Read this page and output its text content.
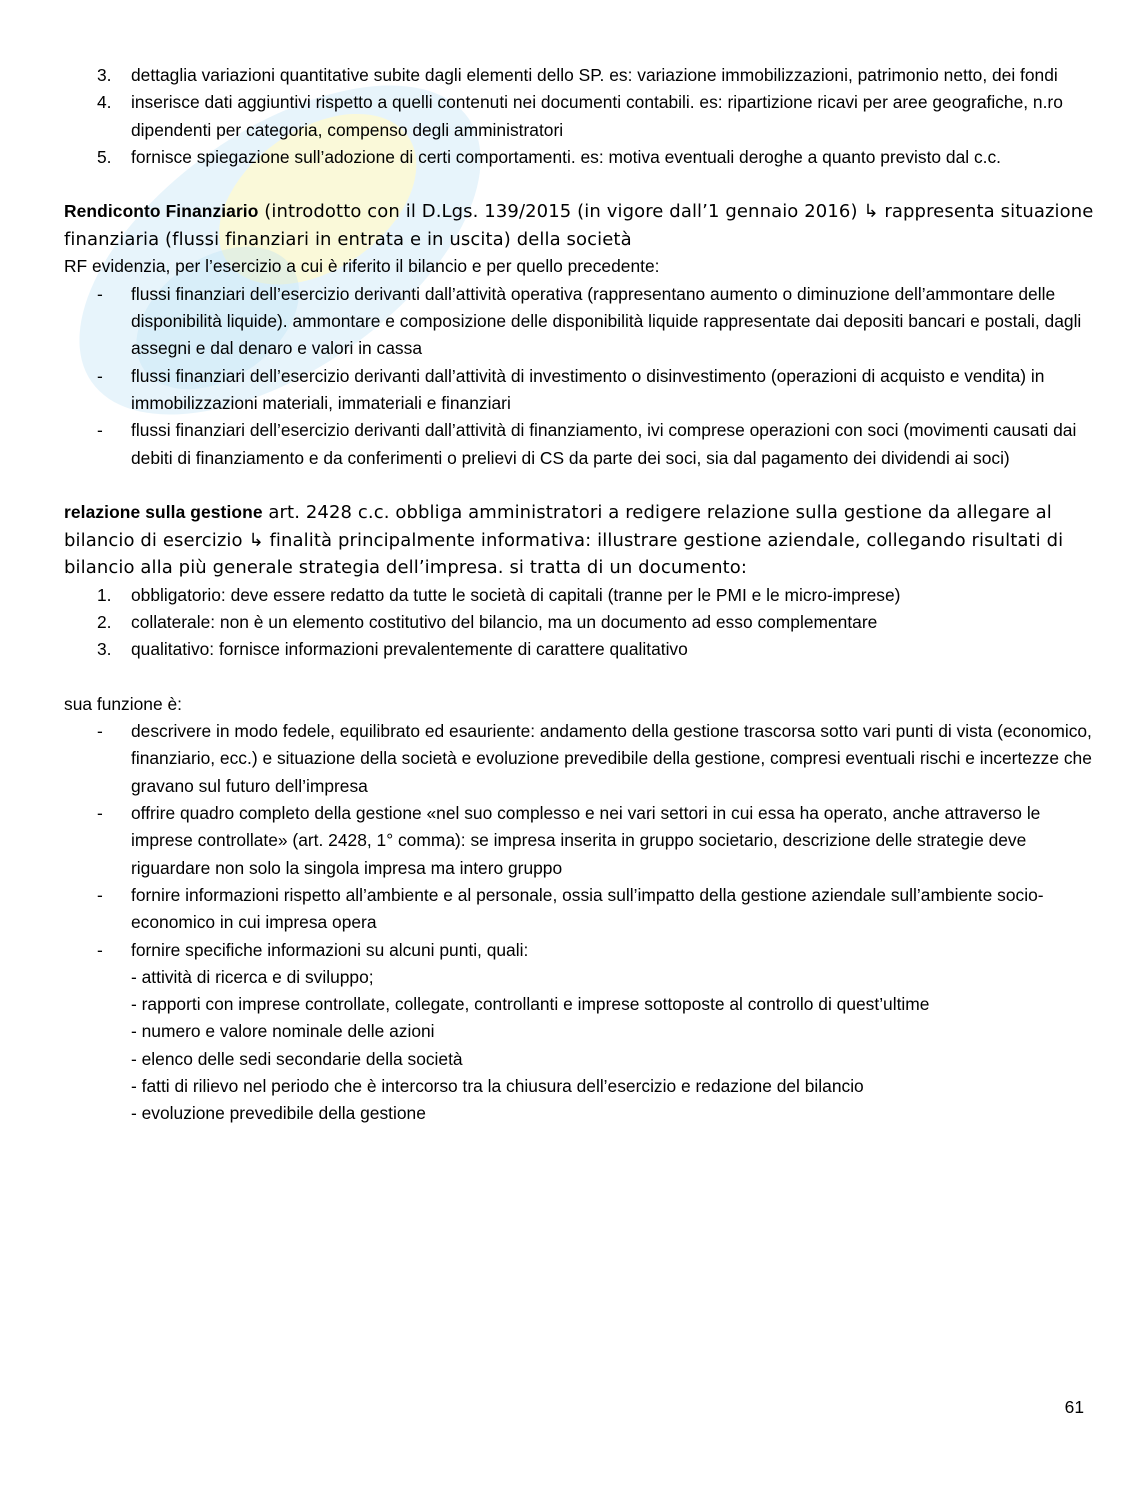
3. dettaglia variazioni quantitative subite dagli elementi dello SP. es: variazione immobilizzazioni, patrimonio netto, dei fondi
4. inserisce dati aggiuntivi rispetto a quelli contenuti nei documenti contabili. es: ripartizione ricavi per aree geografiche, n.ro dipendenti per categoria, compenso degli amministratori
5. fornisce spiegazione sull’adozione di certi comportamenti. es: motiva eventuali deroghe a quanto previsto dal c.c.

Rendiconto Finanziario (introdotto con il D.Lgs. 139/2015 (in vigore dall’1 gennaio 2016) ↳ rappresenta situazione finanziaria (flussi finanziari in entrata e in uscita) della società

RF evidenzia, per l’esercizio a cui è riferito il bilancio e per quello precedente:

- flussi finanziari dell’esercizio derivanti dall’attività operativa (rappresentano aumento o diminuzione dell’ammontare delle disponibilità liquide). ammontare e composizione delle disponibilità liquide rappresentate dai depositi bancari e postali, dagli assegni e dal denaro e valori in cassa
- flussi finanziari dell’esercizio derivanti dall’attività di investimento o disinvestimento (operazioni di acquisto e vendita) in immobilizzazioni materiali, immateriali e finanziari
- flussi finanziari dell’esercizio derivanti dall’attività di finanziamento, ivi comprese operazioni con soci (movimenti causati dai debiti di finanziamento e da conferimenti o prelievi di CS da parte dei soci, sia dal pagamento dei dividendi ai soci)

relazione sulla gestione art. 2428 c.c. obbliga amministratori a redigere relazione sulla gestione da allegare al bilancio di esercizio ↳ finalità principalmente informativa: illustrare gestione aziendale, collegando risultati di bilancio alla più generale strategia dell’impresa. si tratta di un documento:

1. obbligatorio: deve essere redatto da tutte le società di capitali (tranne per le PMI e le micro-imprese)
2. collaterale: non è un elemento costitutivo del bilancio, ma un documento ad esso complementare
3. qualitativo: fornisce informazioni prevalentemente di carattere qualitativo

sua funzione è:

- descrivere in modo fedele, equilibrato ed esauriente: andamento della gestione trascorsa sotto vari punti di vista (economico, finanziario, ecc.) e situazione della società e evoluzione prevedibile della gestione, compresi eventuali rischi e incertezze che gravano sul futuro dell’impresa
- offrire quadro completo della gestione «nel suo complesso e nei vari settori in cui essa ha operato, anche attraverso le imprese controllate» (art. 2428, 1° comma): se impresa inserita in gruppo societario, descrizione delle strategie deve riguardare non solo la singola impresa ma intero gruppo
- fornire informazioni rispetto all’ambiente e al personale, ossia sull’impatto della gestione aziendale sull’ambiente socio-economico in cui impresa opera
- fornire specifiche informazioni su alcuni punti, quali:
- attività di ricerca e di sviluppo;
- rapporti con imprese controllate, collegate, controllanti e imprese sottoposte al controllo di quest’ultime
- numero e valore nominale delle azioni
- elenco delle sedi secondarie della società
- fatti di rilievo nel periodo che è intercorso tra la chiusura dell’esercizio e redazione del bilancio
- evoluzione prevedibile della gestione
61
